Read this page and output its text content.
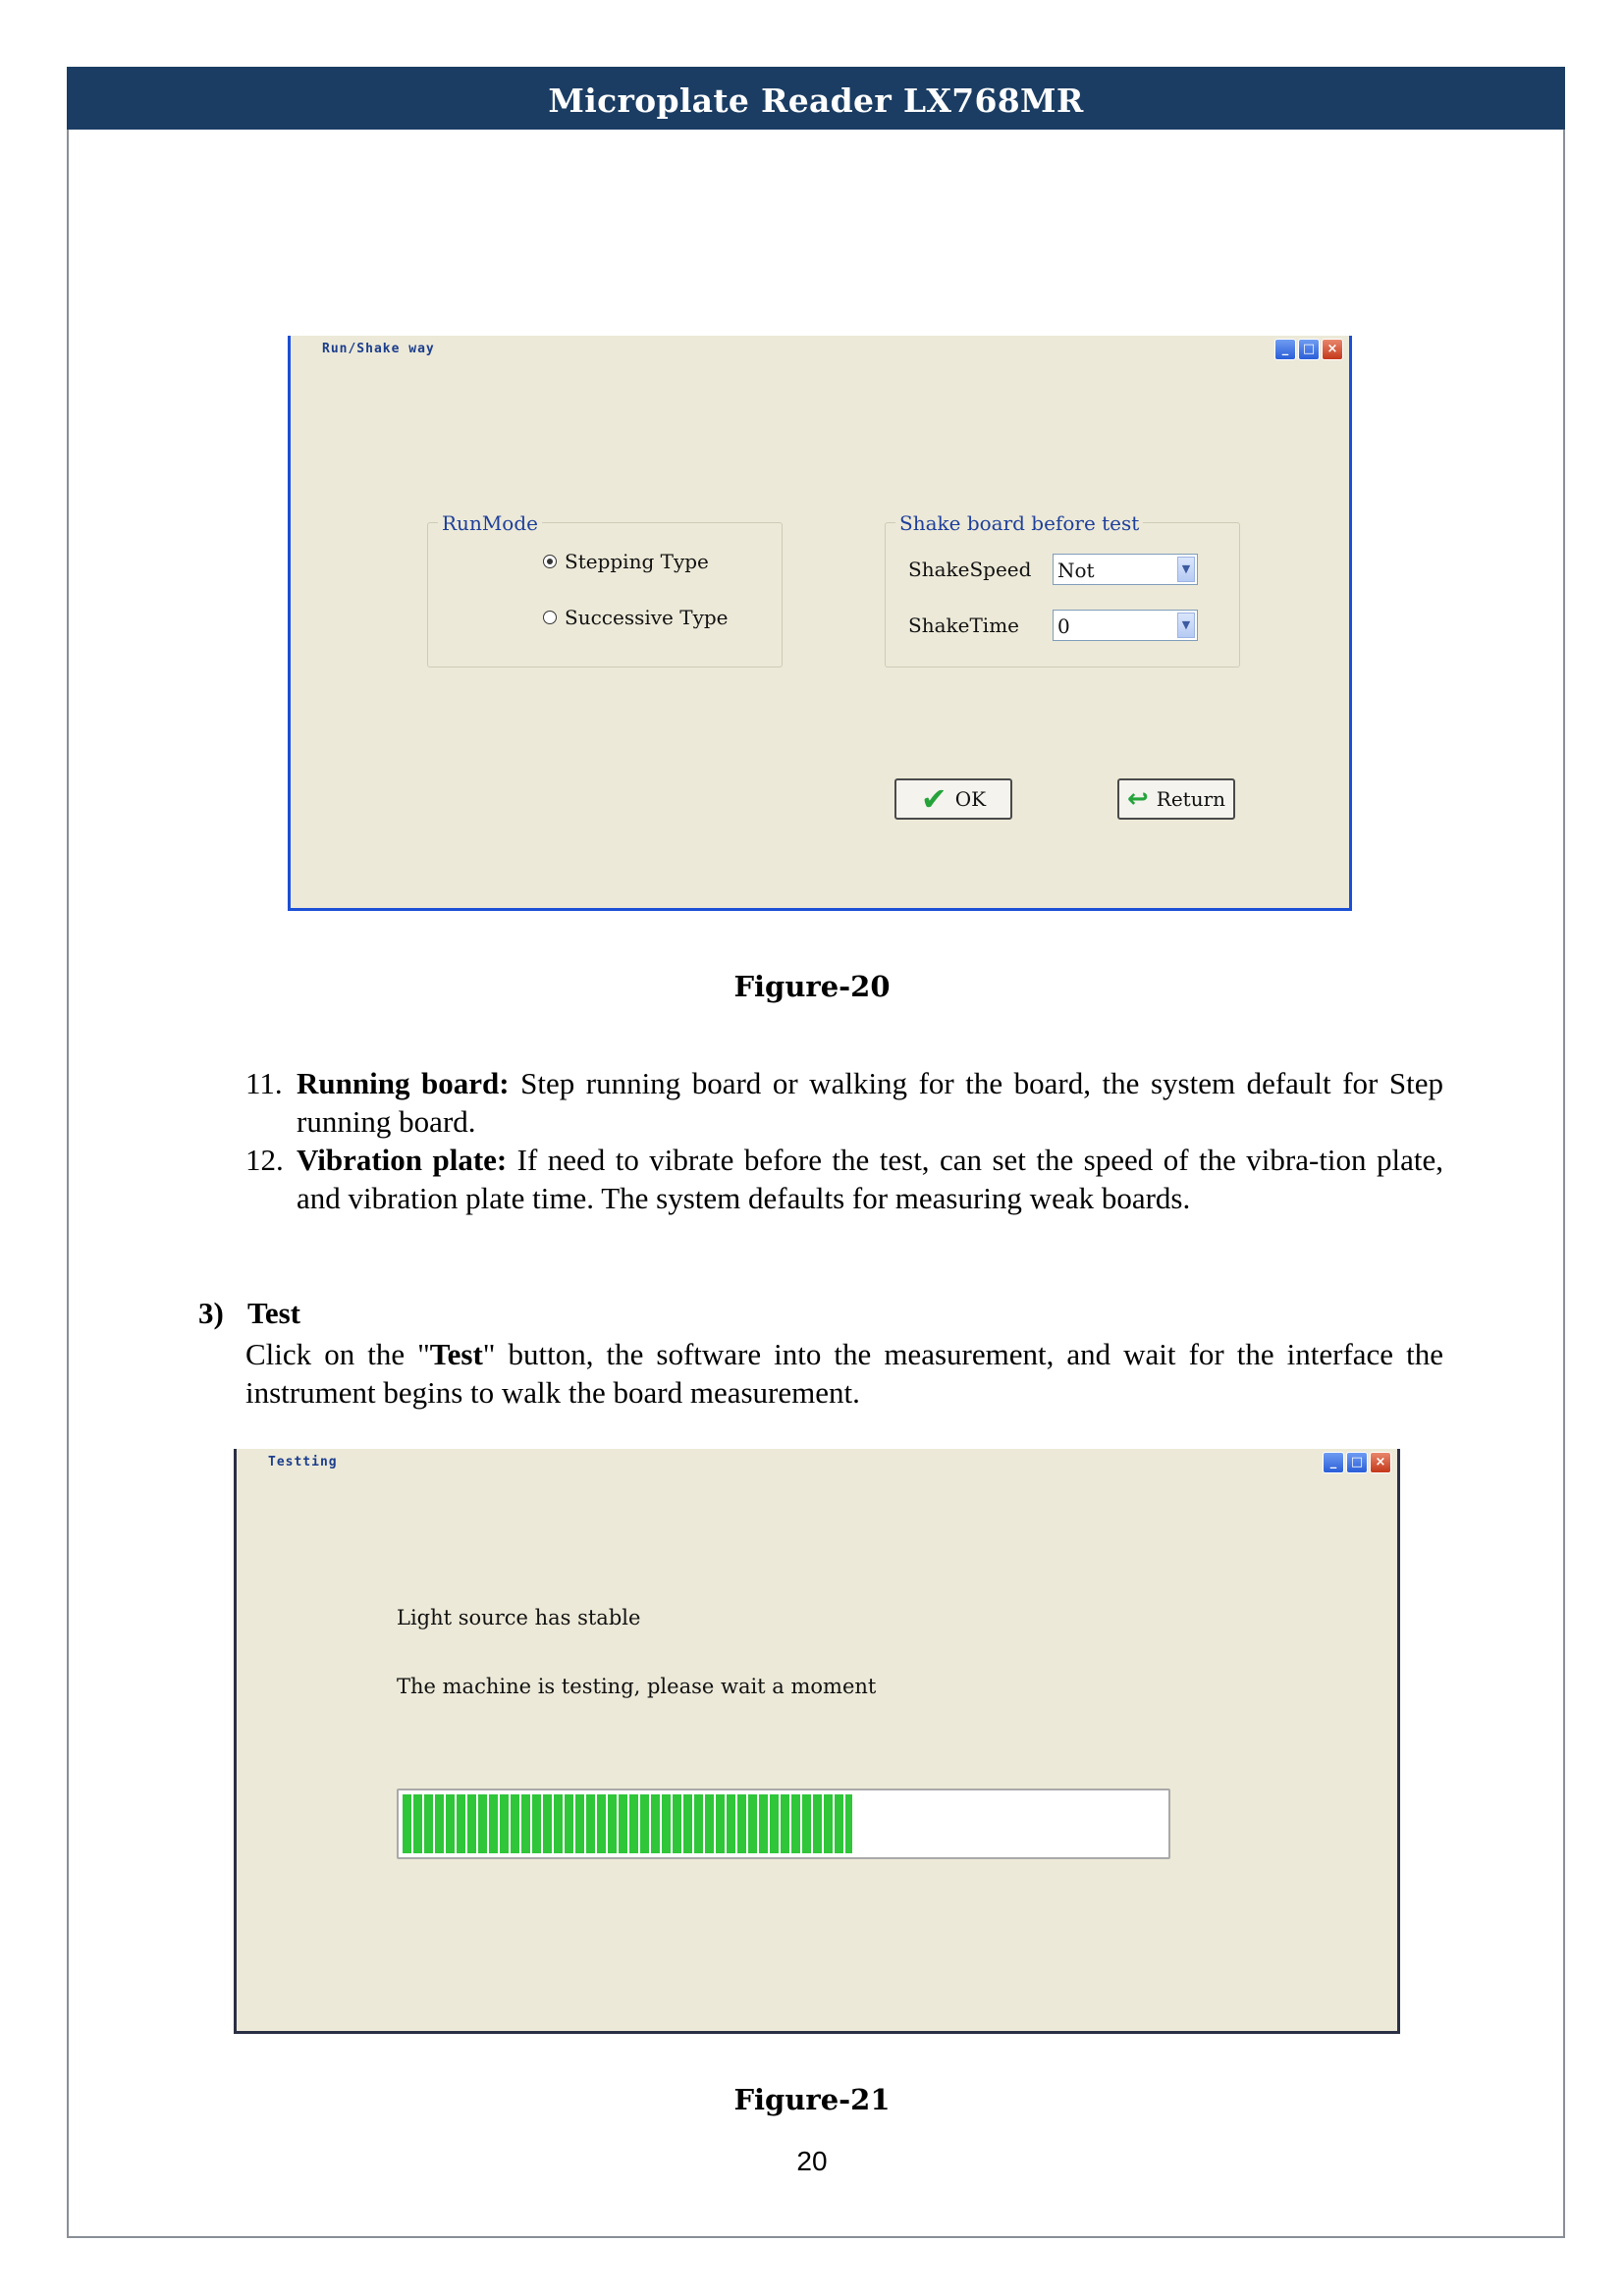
Microplate Reader LX768MR
Run/Shake way	_	□ ×
RunMode
Stepping Type
Successive Type
Shake board before test
ShakeSpeed Not	▼
ShakeTime 0	▼
✔ OK	↩ Return
Figure-20
11. Running board: Step running board or walking for the board, the system default for Step running board.
12. Vibration plate: If need to vibrate before the test, can set the speed of the vibra-tion plate, and vibration plate time. The system defaults for measuring weak boards.
3) Test
Click on the "Test" button, the software into the measurement, and wait for the interface the instrument begins to walk the board measurement.
Testting	_	□ ×
Light source has stable
The machine is testing, please wait a moment
Figure-21
20
